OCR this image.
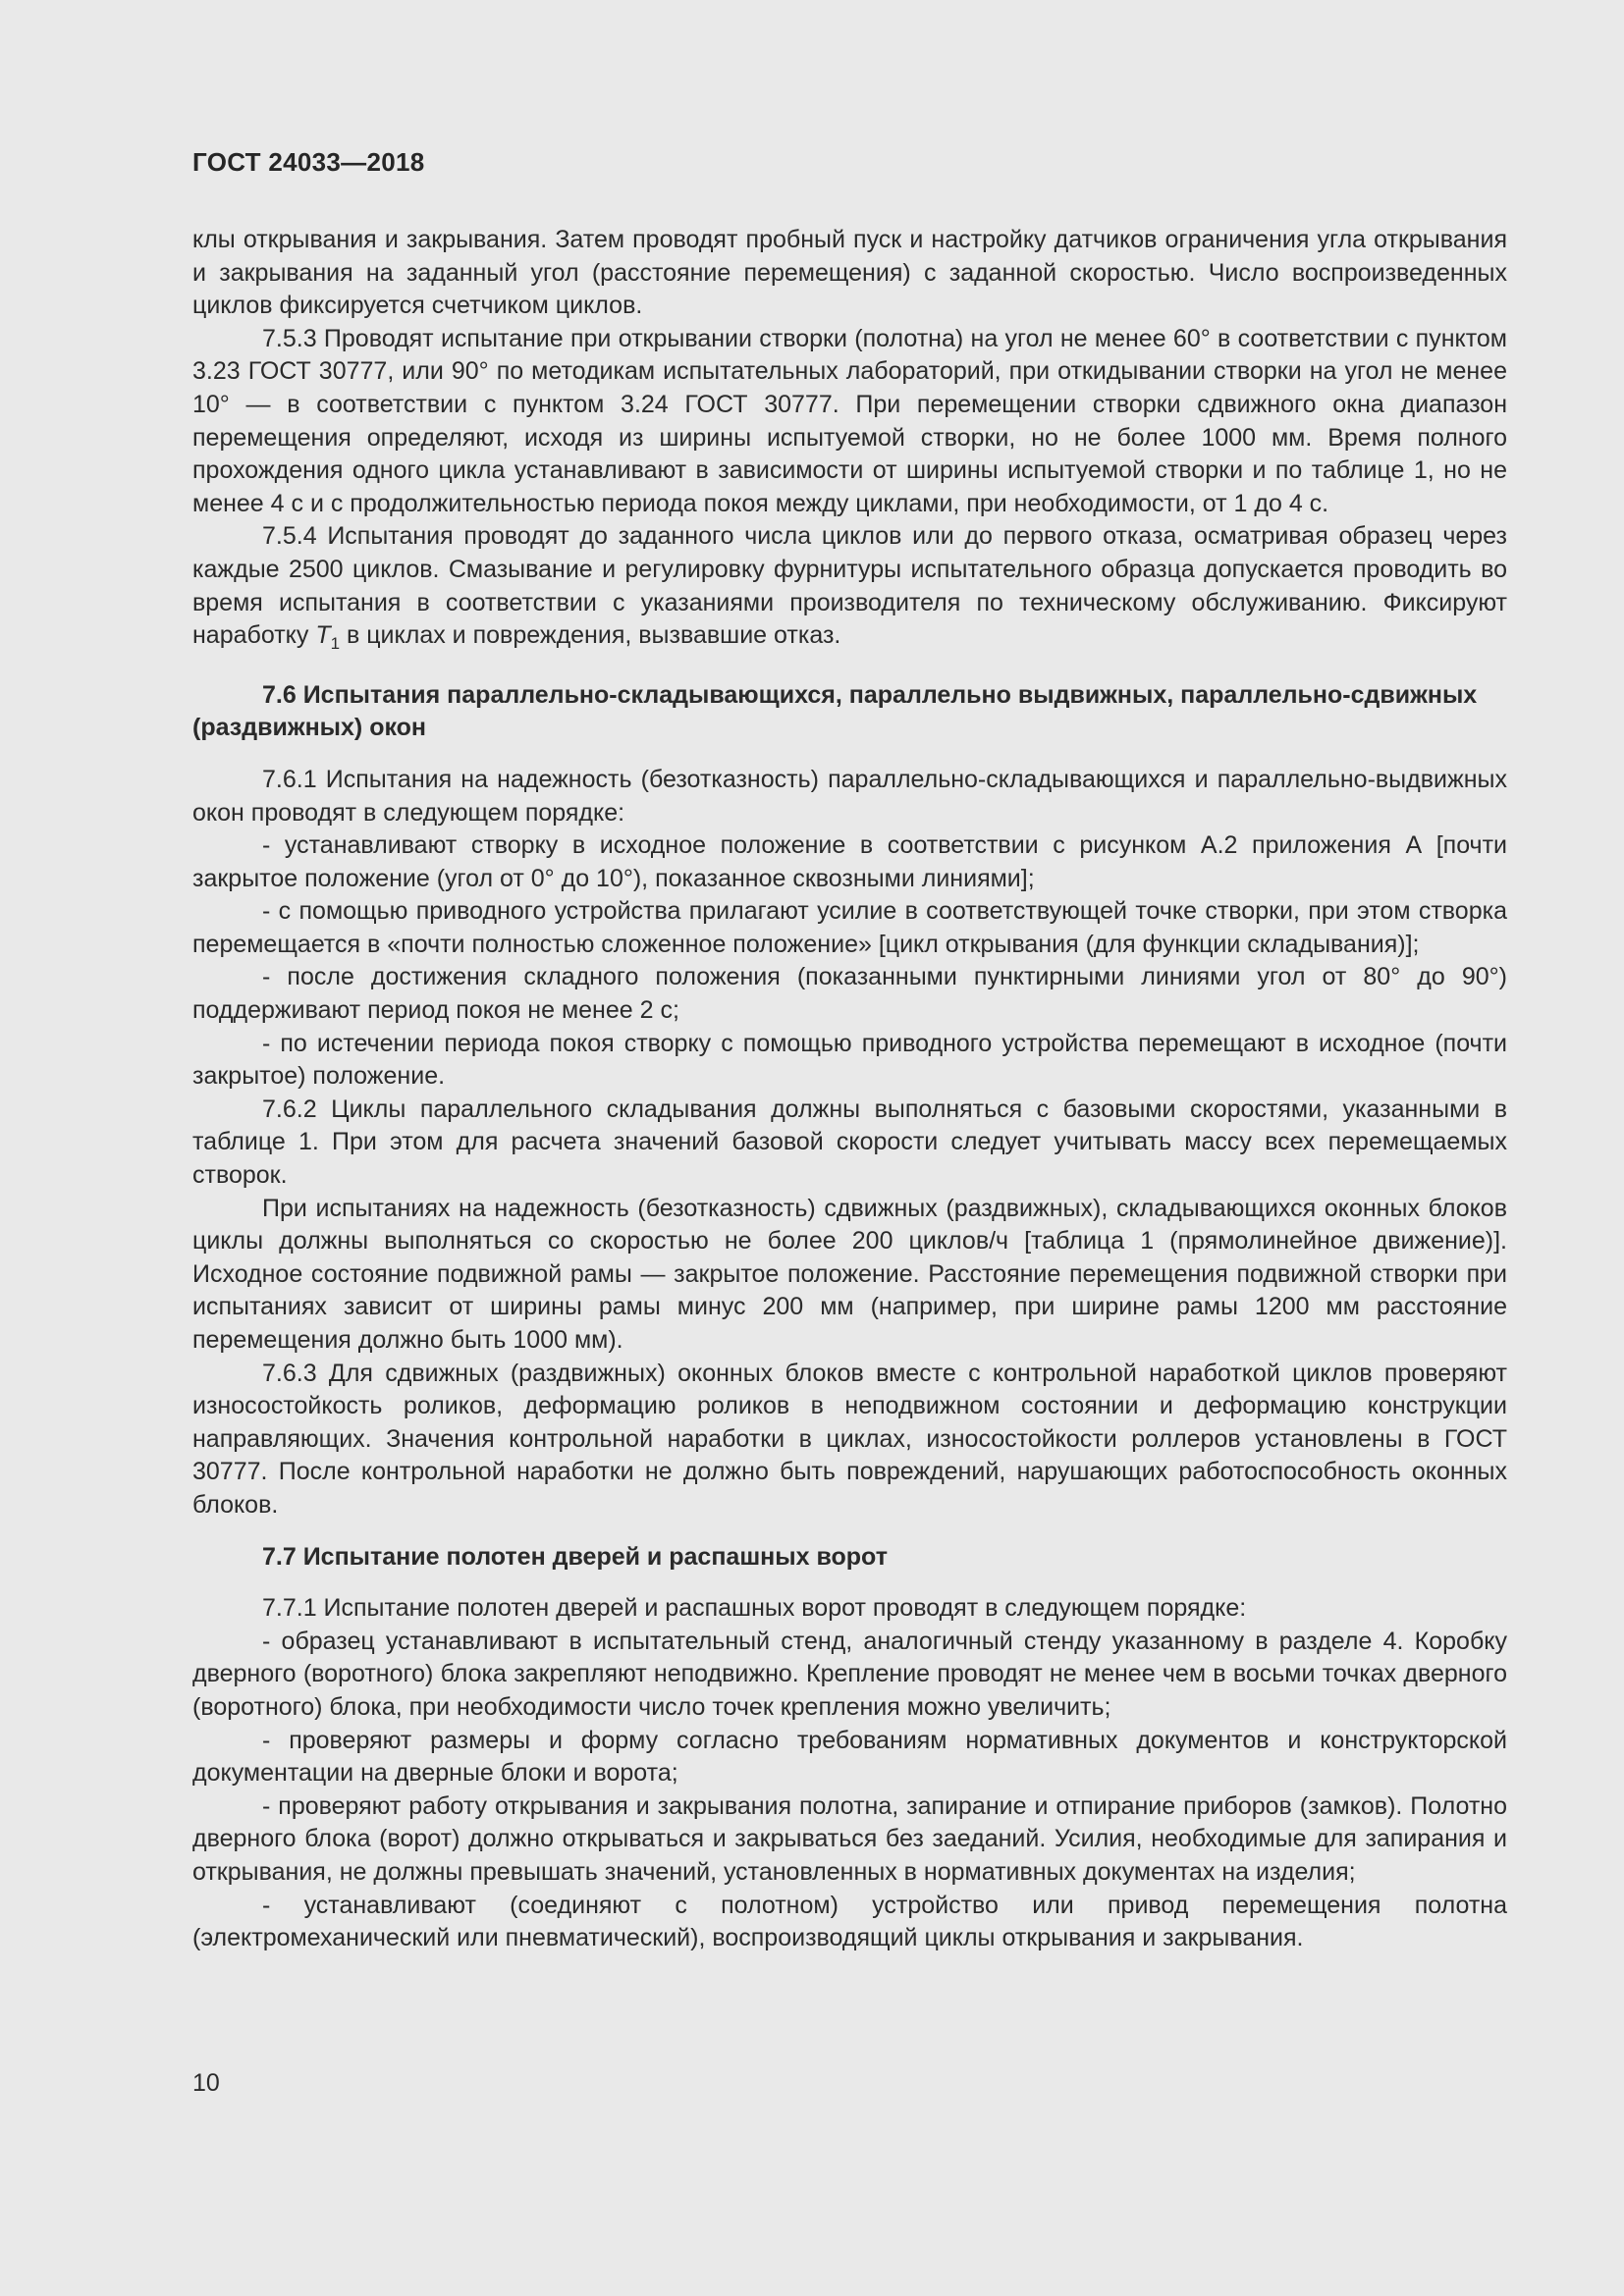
ГОСТ 24033—2018

клы открывания и закрывания. Затем проводят пробный пуск и настройку датчиков ограничения угла открывания и закрывания на заданный угол (расстояние перемещения) с заданной скоростью. Число воспроизведенных циклов фиксируется счетчиком циклов.

7.5.3 Проводят испытание при открывании створки (полотна) на угол не менее 60° в соответствии с пунктом 3.23 ГОСТ 30777, или 90° по методикам испытательных лабораторий, при откидывании створки на угол не менее 10° — в соответствии с пунктом 3.24 ГОСТ 30777. При перемещении створки сдвижного окна диапазон перемещения определяют, исходя из ширины испытуемой створки, но не более 1000 мм. Время полного прохождения одного цикла устанавливают в зависимости от ширины испытуемой створки и по таблице 1, но не менее 4 с и с продолжительностью периода покоя между циклами, при необходимости, от 1 до 4 с.

7.5.4 Испытания проводят до заданного числа циклов или до первого отказа, осматривая образец через каждые 2500 циклов. Смазывание и регулировку фурнитуры испытательного образца допускается проводить во время испытания в соответствии с указаниями производителя по техническому обслуживанию. Фиксируют наработку $T_1$ в циклах и повреждения, вызвавшие отказ.

7.6 Испытания параллельно-складывающихся, параллельно выдвижных, параллельно-сдвижных (раздвижных) окон

7.6.1 Испытания на надежность (безотказность) параллельно-складывающихся и параллельно-выдвижных окон проводят в следующем порядке:

- устанавливают створку в исходное положение в соответствии с рисунком А.2 приложения А [почти закрытое положение (угол от 0° до 10°), показанное сквозными линиями];

- с помощью приводного устройства прилагают усилие в соответствующей точке створки, при этом створка перемещается в «почти полностью сложенное положение» [цикл открывания (для функции складывания)];

- после достижения складного положения (показанными пунктирными линиями угол от 80° до 90°) поддерживают период покоя не менее 2 с;

- по истечении периода покоя створку с помощью приводного устройства перемещают в исходное (почти закрытое) положение.

7.6.2 Циклы параллельного складывания должны выполняться с базовыми скоростями, указанными в таблице 1. При этом для расчета значений базовой скорости следует учитывать массу всех перемещаемых створок.

При испытаниях на надежность (безотказность) сдвижных (раздвижных), складывающихся оконных блоков циклы должны выполняться со скоростью не более 200 циклов/ч [таблица 1 (прямолинейное движение)]. Исходное состояние подвижной рамы — закрытое положение. Расстояние перемещения подвижной створки при испытаниях зависит от ширины рамы минус 200 мм (например, при ширине рамы 1200 мм расстояние перемещения должно быть 1000 мм).

7.6.3 Для сдвижных (раздвижных) оконных блоков вместе с контрольной наработкой циклов проверяют износостойкость роликов, деформацию роликов в неподвижном состоянии и деформацию конструкции направляющих. Значения контрольной наработки в циклах, износостойкости роллеров установлены в ГОСТ 30777. После контрольной наработки не должно быть повреждений, нарушающих работоспособность оконных блоков.

7.7 Испытание полотен дверей и распашных ворот

7.7.1 Испытание полотен дверей и распашных ворот проводят в следующем порядке:

- образец устанавливают в испытательный стенд, аналогичный стенду указанному в разделе 4. Коробку дверного (воротного) блока закрепляют неподвижно. Крепление проводят не менее чем в восьми точках дверного (воротного) блока, при необходимости число точек крепления можно увеличить;

- проверяют размеры и форму согласно требованиям нормативных документов и конструкторской документации на дверные блоки и ворота;

- проверяют работу открывания и закрывания полотна, запирание и отпирание приборов (замков). Полотно дверного блока (ворот) должно открываться и закрываться без заеданий. Усилия, необходимые для запирания и открывания, не должны превышать значений, установленных в нормативных документах на изделия;

- устанавливают (соединяют с полотном) устройство или привод перемещения полотна (электромеханический или пневматический), воспроизводящий циклы открывания и закрывания.

10
